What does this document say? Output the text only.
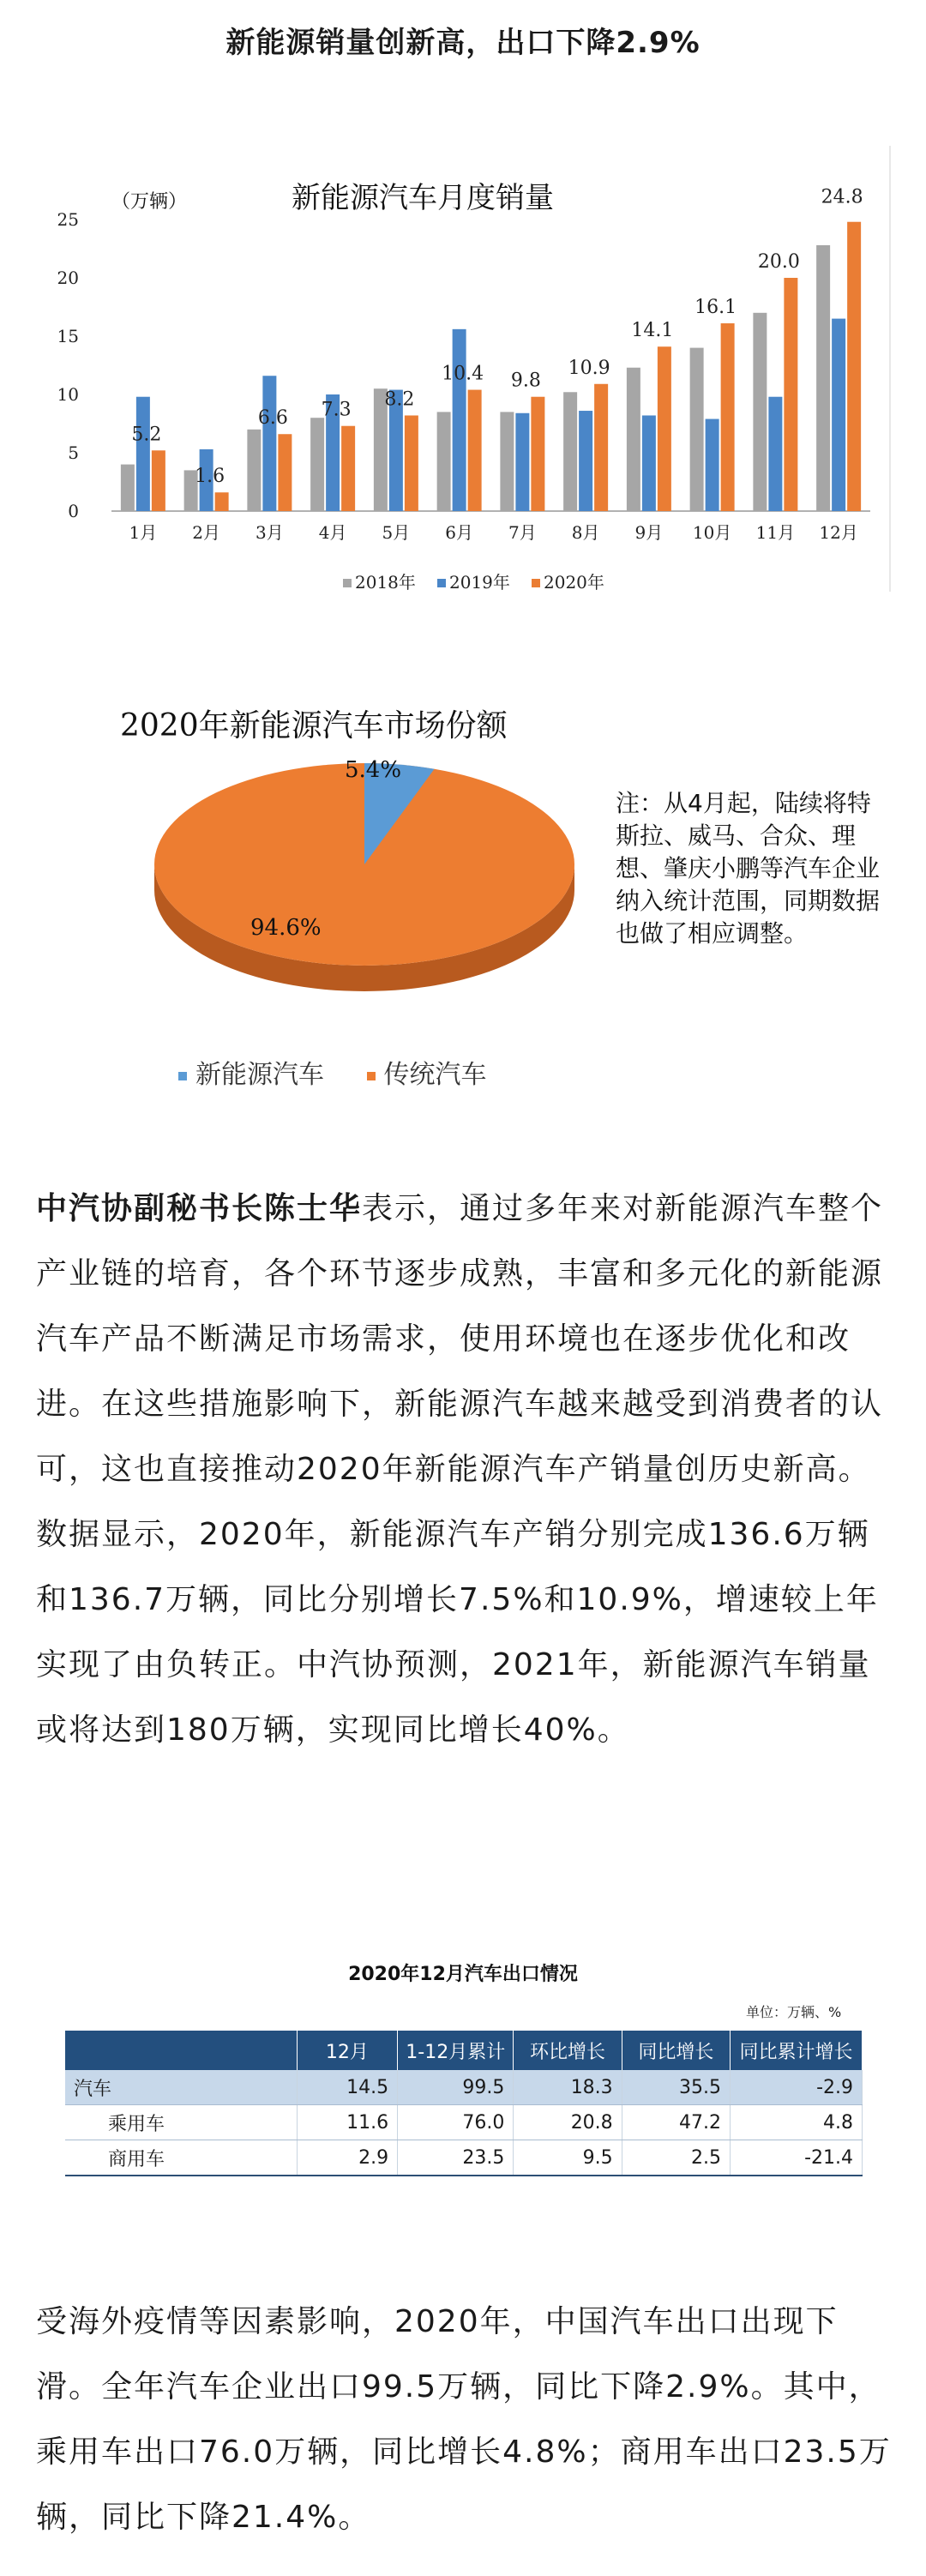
新能源销量创新高，出口下降2.9%
新能源汽车月度销量
（万辆）
0
5
10
15
20
25
1月 2月 3月 4月 5月 6月 7月 8月 9月 10月 11月 12月
5.2
1.6
6.6 7.3 8.2
10.4 9.8
10.9
14.1
16.1
20.0
24.8
2018年 2019年 2020年
2020年新能源汽车市场份额
5.4%
94.6%
注：从4月起，陆续将特斯拉、威马、合众、理想、肇庆小鹏等汽车企业纳入统计范围，同期数据也做了相应调整。
新能源汽车 传统汽车

中汽协副秘书长陈士华表示，通过多年来对新能源汽车整个产业链的培育，各个环节逐步成熟，丰富和多元化的新能源汽车产品不断满足市场需求，使用环境也在逐步优化和改进。在这些措施影响下，新能源汽车越来越受到消费者的认可，这也直接推动2020年新能源汽车产销量创历史新高。数据显示，2020年，新能源汽车产销分别完成136.6万辆和136.7万辆，同比分别增长7.5%和10.9%，增速较上年实现了由负转正。中汽协预测，2021年，新能源汽车销量或将达到180万辆，实现同比增长40%。

2020年12月汽车出口情况
单位：万辆、%
	12月	1-12月累计	环比增长	同比增长	同比累计增长
汽车	14.5	99.5	18.3	35.5	-2.9
乘用车	11.6	76.0	20.8	47.2	4.8
商用车	2.9	23.5	9.5	2.5	-21.4

受海外疫情等因素影响，2020年，中国汽车出口出现下滑。全年汽车企业出口99.5万辆，同比下降2.9%。其中，乘用车出口76.0万辆，同比增长4.8%；商用车出口23.5万辆，同比下降21.4%。
